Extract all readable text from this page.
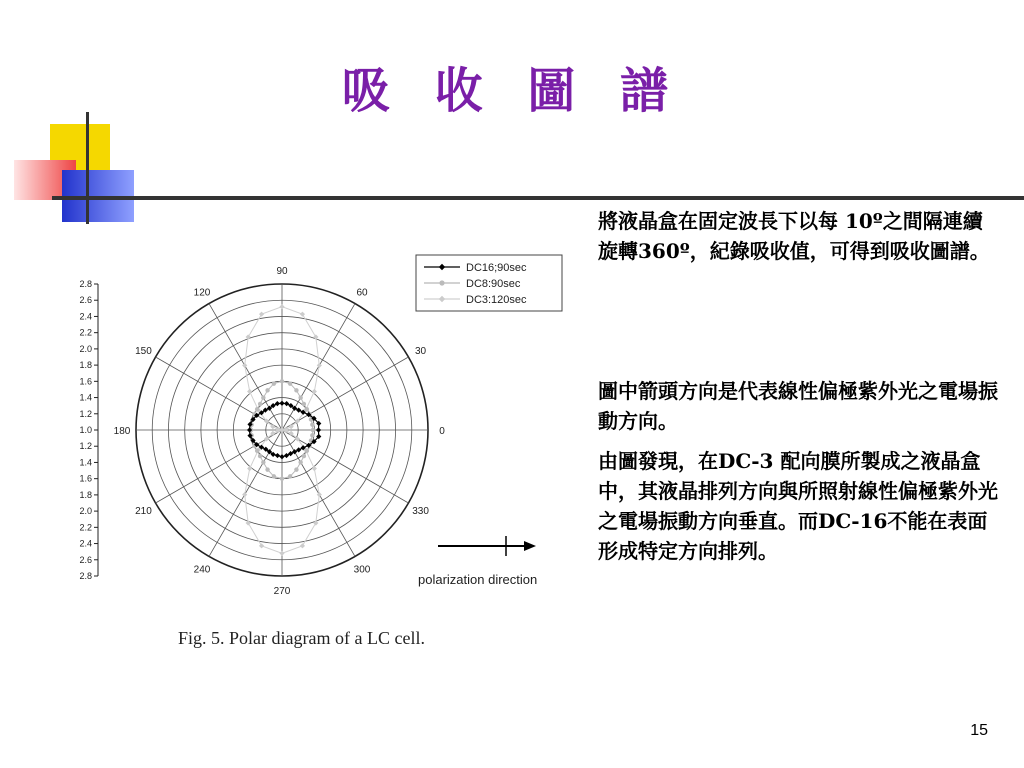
吸 收 圖 譜
將液晶盒在固定波長下以每 10º之間隔連續旋轉360º，紀錄吸收值，可得到吸收圖譜。
圖中箭頭方向是代表線性偏極紫外光之電場振動方向。
由圖發現，在DC-3 配向膜所製成之液晶盒中，其液晶排列方向與所照射線性偏極紫外光之電場振動方向垂直。而DC-16不能在表面形成特定方向排列。
2.8
2.6
2.4
2.2
2.0
1.8
1.6
1.4
1.2
1.0
1.2
1.4
1.6
1.8
2.0
2.2
2.4
2.6
2.8
0
30
60
90
120
150
180
210
240
270
300
330
DC16;90sec
DC8:90sec
DC3:120sec
polarization direction
Fig. 5. Polar diagram of a LC cell.
15
